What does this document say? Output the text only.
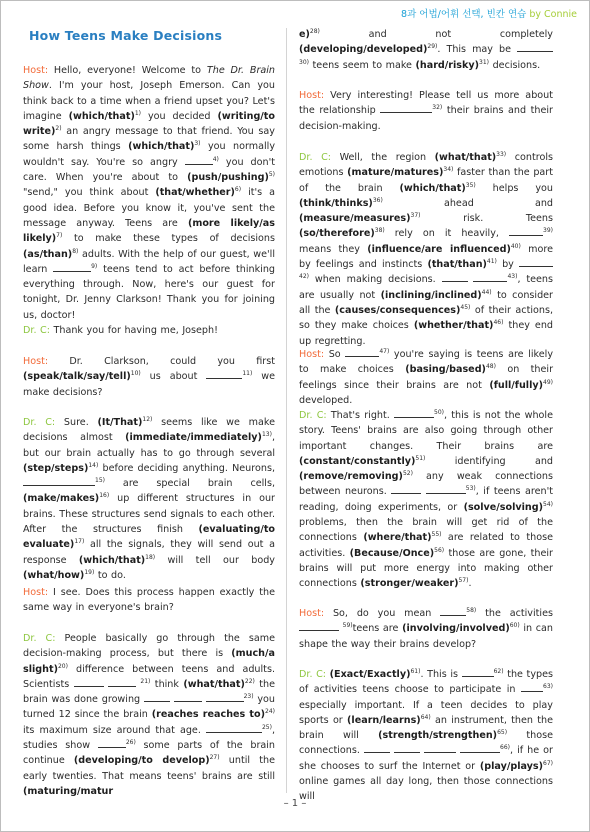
8과 어법/어휘 선택, 빈칸 연습 by Connie
How Teens Make Decisions
Host: Hello, everyone! Welcome to The Dr. Brain Show. I'm your host, Joseph Emerson. Can you think back to a time when a friend upset you? Let's imagine (which/that)$^{1)}$ you decided (writing/to write)$^{2)}$ an angry message to that friend. You say some harsh things (which/that)$^{3)}$ you normally wouldn't say. You're so angry	$^{4)}$ you don't care. When you're about to (push/pushing)$^{5)}$ "send," you think about (that/whether)$^{6)}$ it's a good idea. Before you know it, you've sent the message anyway. Teens are (more likely/as likely)$^{7)}$ to make these types of decisions (as/than)$^{8)}$ adults. With the help of our guest, we'll learn	$^{9)}$ teens tend to act before thinking everything through. Now, here's our guest for tonight, Dr. Jenny Clarkson! Thank you for joining us, doctor!
Dr. C: Thank you for having me, Joseph!
Host: Dr. Clarkson, could you first (speak/talk/say/tell)$^{10)}$ us about	$^{11)}$ we make decisions?
Dr. C: Sure. (It/That)$^{12)}$ seems like we make decisions almost (immediate/immediately)$^{13)}$, but our brain actually has to go through several (step/steps)$^{14)}$ before deciding anything. Neurons, $^{15)}$ are special brain cells, (make/makes)$^{16)}$ up different structures in our brains. These structures send signals to each other. After the structures finish (evaluating/to evaluate)$^{17)}$ all the signals, they will send out a response (which/that)$^{18)}$ will tell our body (what/how)$^{19)}$ to do.
Host: I see. Does this process happen exactly the same way in everyone's brain?
Dr. C: People basically go through the same decision-making process, but there is (much/a slight)$^{20)}$ difference between teens and adults. Scientists	$^{21)}$ think (what/that)$^{22)}$ the brain was done growing	$^{23)}$ you turned 12 since the brain (reaches reaches to)$^{24)}$ its maximum size around that age.	$^{25)}$, studies show	$^{26)}$ some parts of the brain continue (developing/to develop)$^{27)}$ until the early twenties. That means teens' brains are still (maturing/matur
e)$^{28)}$ and not completely (developing/developed)$^{29)}$. This may be $^{30)}$ teens seem to make (hard/risky)$^{31)}$ decisions.
Host: Very interesting! Please tell us more about the relationship	$^{32)}$ their brains and their decision-making.
Dr. C: Well, the region (what/that)$^{33)}$ controls emotions (mature/matures)$^{34)}$ faster than the part of the brain (which/that)$^{35)}$ helps you (think/thinks)$^{36)}$ ahead and (measure/measures)$^{37)}$ risk. Teens (so/therefore)$^{38)}$ rely on it heavily,	$^{39)}$ means they (influence/are influenced)$^{40)}$ more by feelings and instincts (that/than)$^{41)}$ by $^{42)}$ when making decisions.	$^{43)}$, teens are usually not (inclining/inclined)$^{44)}$ to consider all the (causes/consequences)$^{45)}$ of their actions, so they make choices (whether/that)$^{46)}$ they end up regretting.
Host: So	$^{47)}$ you're saying is teens are likely to make choices (basing/based)$^{48)}$ on their feelings since their brains are not (full/fully)$^{49)}$ developed.
Dr. C: That's right.	$^{50)}$, this is not the whole story. Teens' brains are also going through other important changes. Their brains are (constant/constantly)$^{51)}$ identifying and (remove/removing)$^{52)}$ any weak connections between neurons.	$^{53)}$, if teens aren't reading, doing experiments, or (solve/solving)$^{54)}$ problems, then the brain will get rid of the connections (where/that)$^{55)}$ are related to those activities. (Because/Once)$^{56)}$ those are gone, their brains will put more energy into making other connections (stronger/weaker)$^{57)}$.
Host: So, do you mean	$^{58)}$ the activities  $^{59)}$teens are (involving/involved)$^{60)}$ in can shape the way their brains develop?
Dr. C: (Exact/Exactly)$^{61)}$. This is	$^{62)}$ the types of activities teens choose to participate in	$^{63)}$ especially important. If a teen decides to play sports or (learn/learns)$^{64)}$ an instrument, then the brain will (strength/strengthen)$^{65)}$ those connections.	$^{66)}$, if he or she chooses to surf the Internet or (play/plays)$^{67)}$ online games all day long, then those connections will
– 1 –
